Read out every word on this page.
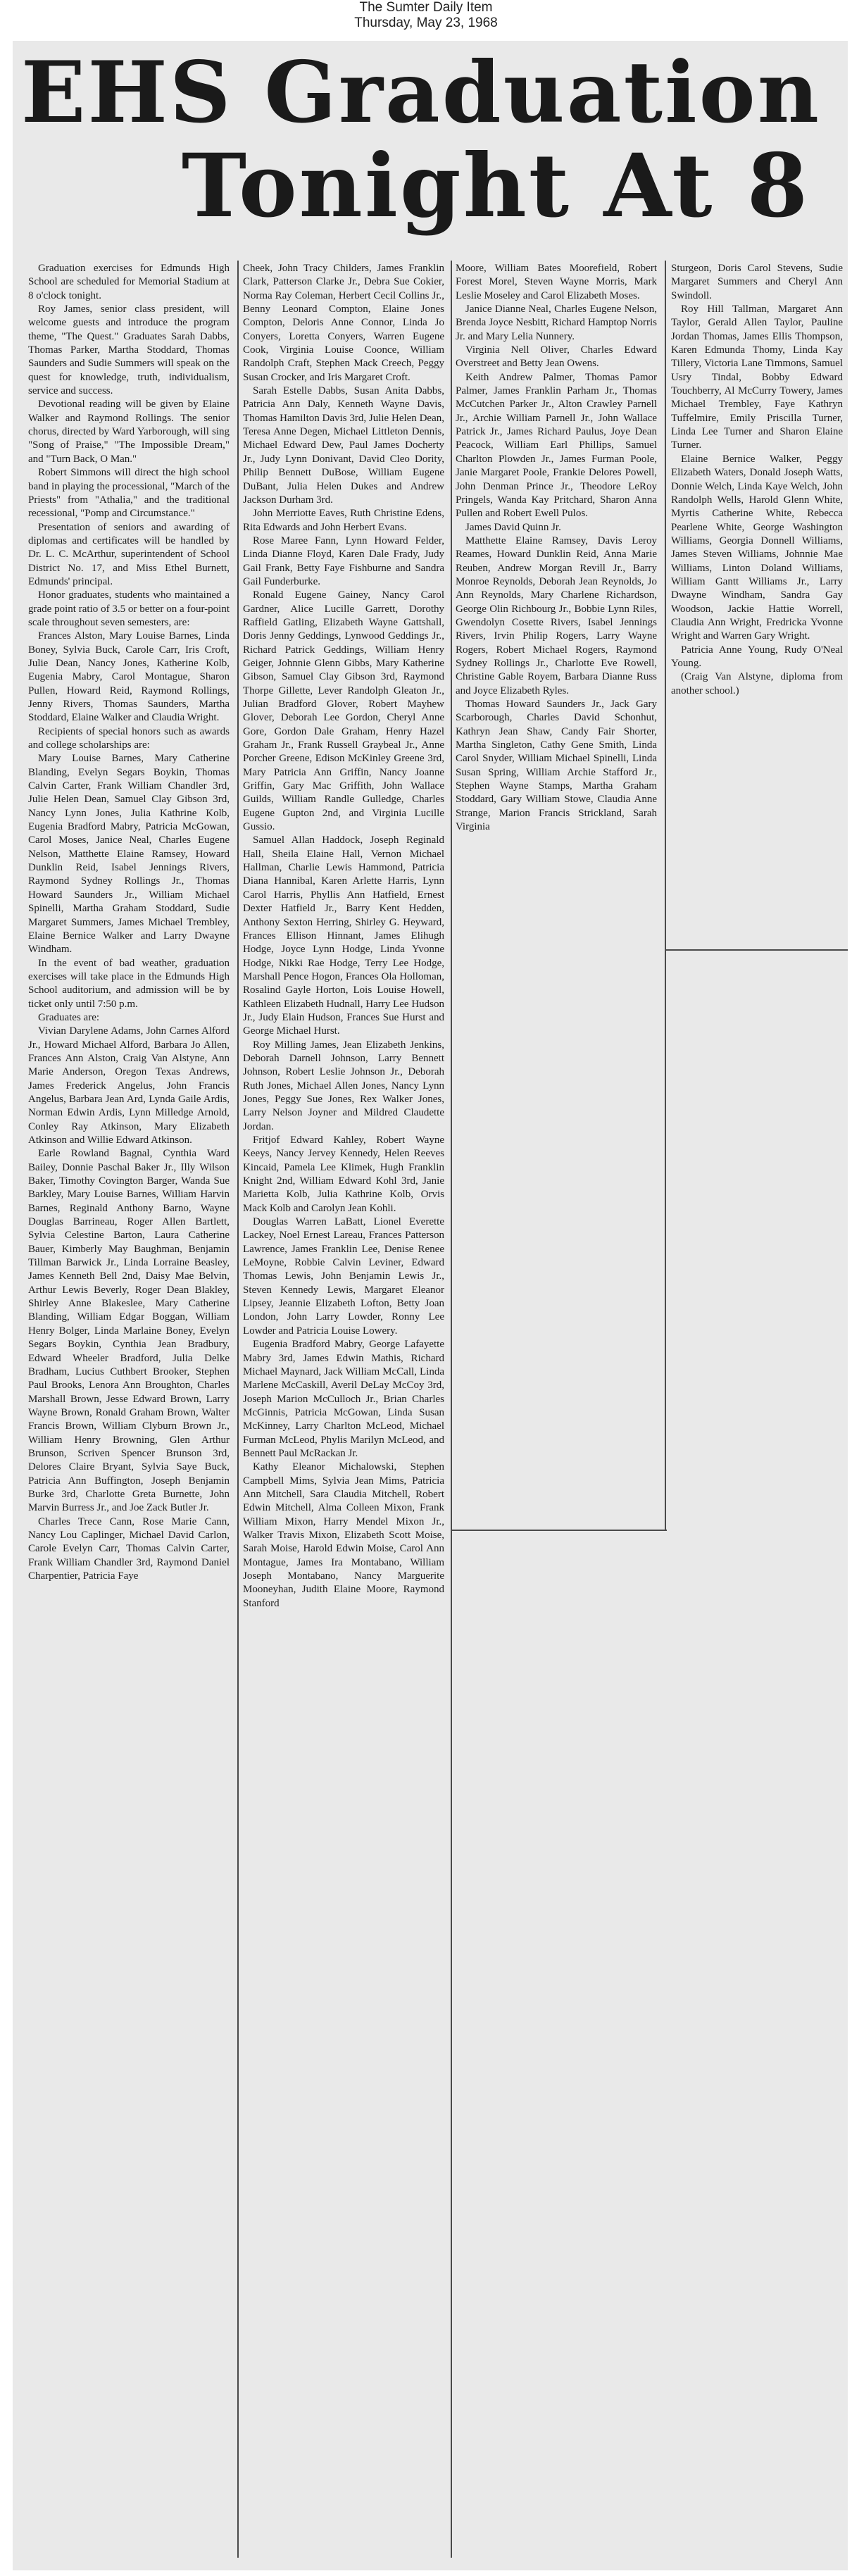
The Sumter Daily Item
Thursday, May 23, 1968
EHS Graduation
Tonight At 8

Graduation exercises for Edmunds High School are scheduled for Memorial Stadium at 8 o'clock tonight.

Roy James, senior class president, will welcome guests and introduce the program theme, "The Quest." Graduates Sarah Dabbs, Thomas Parker, Martha Stoddard, Thomas Saunders and Sudie Summers will speak on the quest for knowledge, truth, individualism, service and success.

Devotional reading will be given by Elaine Walker and Raymond Rollings. The senior chorus, directed by Ward Yarborough, will sing "Song of Praise," "The Impossible Dream," and "Turn Back, O Man."

Robert Simmons will direct the high school band in playing the processional, "March of the Priests" from "Athalia," and the traditional recessional, "Pomp and Circumstance."

Presentation of seniors and awarding of diplomas and certificates will be handled by Dr. L. C. McArthur, superintendent of School District No. 17, and Miss Ethel Burnett, Edmunds' principal.

Honor graduates, students who maintained a grade point ratio of 3.5 or better on a four-point scale throughout seven semesters, are:

Frances Alston, Mary Louise Barnes, Linda Boney, Sylvia Buck, Carole Carr, Iris Croft, Julie Dean, Nancy Jones, Katherine Kolb, Eugenia Mabry, Carol Montague, Sharon Pullen, Howard Reid, Raymond Rollings, Jenny Rivers, Thomas Saunders, Martha Stoddard, Elaine Walker and Claudia Wright.

Recipients of special honors such as awards and college scholarships are:

Mary Louise Barnes, Mary Catherine Blanding, Evelyn Segars Boykin, Thomas Calvin Carter, Frank William Chandler 3rd, Julie Helen Dean, Samuel Clay Gibson 3rd, Nancy Lynn Jones, Julia Kathrine Kolb, Eugenia Bradford Mabry, Patricia McGowan, Carol Moses, Janice Neal, Charles Eugene Nelson, Matthette Elaine Ramsey, Howard Dunklin Reid, Isabel Jennings Rivers, Raymond Sydney Rollings Jr., Thomas Howard Saunders Jr., William Michael Spinelli, Martha Graham Stoddard, Sudie Margaret Summers, James Michael Trembley, Elaine Bernice Walker and Larry Dwayne Windham.

In the event of bad weather, graduation exercises will take place in the Edmunds High School auditorium, and admission will be by ticket only until 7:50 p.m.

Graduates are:

Vivian Darylene Adams, John Carnes Alford Jr., Howard Michael Alford, Barbara Jo Allen, Frances Ann Alston, Craig Van Alstyne, Ann Marie Anderson, Oregon Texas Andrews, James Frederick Angelus, John Francis Angelus, Barbara Jean Ard, Lynda Gaile Ardis, Norman Edwin Ardis, Lynn Milledge Arnold, Conley Ray Atkinson, Mary Elizabeth Atkinson and Willie Edward Atkinson.

Earle Rowland Bagnal, Cynthia Ward Bailey, Donnie Paschal Baker Jr., Illy Wilson Baker, Timothy Covington Barger, Wanda Sue Barkley, Mary Louise Barnes, William Harvin Barnes, Reginald Anthony Barno, Wayne Douglas Barrineau, Roger Allen Bartlett, Sylvia Celestine Barton, Laura Catherine Bauer, Kimberly May Baughman, Benjamin Tillman Barwick Jr., Linda Lorraine Beasley, James Kenneth Bell 2nd, Daisy Mae Belvin, Arthur Lewis Beverly, Roger Dean Blakley, Shirley Anne Blakeslee, Mary Catherine Blanding, William Edgar Boggan, William Henry Bolger, Linda Marlaine Boney, Evelyn Segars Boykin, Cynthia Jean Bradbury, Edward Wheeler Bradford, Julia Delke Bradham, Lucius Cuthbert Brooker, Stephen Paul Brooks, Lenora Ann Broughton, Charles Marshall Brown, Jesse Edward Brown, Larry Wayne Brown, Ronald Graham Brown, Walter Francis Brown, William Clyburn Brown Jr., William Henry Browning, Glen Arthur Brunson, Scriven Spencer Brunson 3rd, Delores Claire Bryant, Sylvia Saye Buck, Patricia Ann Buffington, Joseph Benjamin Burke 3rd, Charlotte Greta Burnette, John Marvin Burress Jr., and Joe Zack Butler Jr.

Charles Trece Cann, Rose Marie Cann, Nancy Lou Caplinger, Michael David Carlon, Carole Evelyn Carr, Thomas Calvin Carter, Frank William Chandler 3rd, Raymond Daniel Charpentier, Patricia Faye

Cheek, John Tracy Childers, James Franklin Clark, Patterson Clarke Jr., Debra Sue Cokier, Norma Ray Coleman, Herbert Cecil Collins Jr., Benny Leonard Compton, Elaine Jones Compton, Deloris Anne Connor, Linda Jo Conyers, Loretta Conyers, Warren Eugene Cook, Virginia Louise Coonce, William Randolph Craft, Stephen Mack Creech, Peggy Susan Crocker, and Iris Margaret Croft.

Sarah Estelle Dabbs, Susan Anita Dabbs, Patricia Ann Daly, Kenneth Wayne Davis, Thomas Hamilton Davis 3rd, Julie Helen Dean, Teresa Anne Degen, Michael Littleton Dennis, Michael Edward Dew, Paul James Docherty Jr., Judy Lynn Donivant, David Cleo Dority, Philip Bennett DuBose, William Eugene DuBant, Julia Helen Dukes and Andrew Jackson Durham 3rd.

John Merriotte Eaves, Ruth Christine Edens, Rita Edwards and John Herbert Evans.

Rose Maree Fann, Lynn Howard Felder, Linda Dianne Floyd, Karen Dale Frady, Judy Gail Frank, Betty Faye Fishburne and Sandra Gail Funderburke.

Ronald Eugene Gainey, Nancy Carol Gardner, Alice Lucille Garrett, Dorothy Raffield Gatling, Elizabeth Wayne Gattshall, Doris Jenny Geddings, Lynwood Geddings Jr., Richard Patrick Geddings, William Henry Geiger, Johnnie Glenn Gibbs, Mary Katherine Gibson, Samuel Clay Gibson 3rd, Raymond Thorpe Gillette, Lever Randolph Gleaton Jr., Julian Bradford Glover, Robert Mayhew Glover, Deborah Lee Gordon, Cheryl Anne Gore, Gordon Dale Graham, Henry Hazel Graham Jr., Frank Russell Graybeal Jr., Anne Porcher Greene, Edison McKinley Greene 3rd, Mary Patricia Ann Griffin, Nancy Joanne Griffin, Gary Mac Griffith, John Wallace Guilds, William Randle Gulledge, Charles Eugene Gupton 2nd, and Virginia Lucille Gussio.

Samuel Allan Haddock, Joseph Reginald Hall, Sheila Elaine Hall, Vernon Michael Hallman, Charlie Lewis Hammond, Patricia Diana Hannibal, Karen Arlette Harris, Lynn Carol Harris, Phyllis Ann Hatfield, Ernest Dexter Hatfield Jr., Barry Kent Hedden, Anthony Sexton Herring, Shirley G. Heyward, Frances Ellison Hinnant, James Elihugh Hodge, Joyce Lynn Hodge, Linda Yvonne Hodge, Nikki Rae Hodge, Terry Lee Hodge, Marshall Pence Hogon, Frances Ola Holloman, Rosalind Gayle Horton, Lois Louise Howell, Kathleen Elizabeth Hudnall, Harry Lee Hudson Jr., Judy Elain Hudson, Frances Sue Hurst and George Michael Hurst.

Roy Milling James, Jean Elizabeth Jenkins, Deborah Darnell Johnson, Larry Bennett Johnson, Robert Leslie Johnson Jr., Deborah Ruth Jones, Michael Allen Jones, Nancy Lynn Jones, Peggy Sue Jones, Rex Walker Jones, Larry Nelson Joyner and Mildred Claudette Jordan.

Fritjof Edward Kahley, Robert Wayne Keeys, Nancy Jervey Kennedy, Helen Reeves Kincaid, Pamela Lee Klimek, Hugh Franklin Knight 2nd, William Edward Kohl 3rd, Janie Marietta Kolb, Julia Kathrine Kolb, Orvis Mack Kolb and Carolyn Jean Kohli.

Douglas Warren LaBatt, Lionel Everette Lackey, Noel Ernest Lareau, Frances Patterson Lawrence, James Franklin Lee, Denise Renee LeMoyne, Robbie Calvin Leviner, Edward Thomas Lewis, John Benjamin Lewis Jr., Steven Kennedy Lewis, Margaret Eleanor Lipsey, Jeannie Elizabeth Lofton, Betty Joan London, John Larry Lowder, Ronny Lee Lowder and Patricia Louise Lowery.

Eugenia Bradford Mabry, George Lafayette Mabry 3rd, James Edwin Mathis, Richard Michael Maynard, Jack William McCall, Linda Marlene McCaskill, Averil DeLay McCoy 3rd, Joseph Marion McCulloch Jr., Brian Charles McGinnis, Patricia McGowan, Linda Susan McKinney, Larry Charlton McLeod, Michael Furman McLeod, Phylis Marilyn McLeod, and Bennett Paul McRackan Jr.

Kathy Eleanor Michalowski, Stephen Campbell Mims, Sylvia Jean Mims, Patricia Ann Mitchell, Sara Claudia Mitchell, Robert Edwin Mitchell, Alma Colleen Mixon, Frank William Mixon, Harry Mendel Mixon Jr., Walker Travis Mixon, Elizabeth Scott Moise, Sarah Moise, Harold Edwin Moise, Carol Ann Montague, James Ira Montabano, William Joseph Montabano, Nancy Marguerite Mooneyhan, Judith Elaine Moore, Raymond Stanford

Moore, William Bates Moorefield, Robert Forest Morel, Steven Wayne Morris, Mark Leslie Moseley and Carol Elizabeth Moses.

Janice Dianne Neal, Charles Eugene Nelson, Brenda Joyce Nesbitt, Richard Hamptop Norris Jr. and Mary Lelia Nunnery.

Virginia Nell Oliver, Charles Edward Overstreet and Betty Jean Owens.

Keith Andrew Palmer, Thomas Pamor Palmer, James Franklin Parham Jr., Thomas McCutchen Parker Jr., Alton Crawley Parnell Jr., Archie William Parnell Jr., John Wallace Patrick Jr., James Richard Paulus, Joye Dean Peacock, William Earl Phillips, Samuel Charlton Plowden Jr., James Furman Poole, Janie Margaret Poole, Frankie Delores Powell, John Denman Prince Jr., Theodore LeRoy Pringels, Wanda Kay Pritchard, Sharon Anna Pullen and Robert Ewell Pulos.

James David Quinn Jr.

Matthette Elaine Ramsey, Davis Leroy Reames, Howard Dunklin Reid, Anna Marie Reuben, Andrew Morgan Revill Jr., Barry Monroe Reynolds, Deborah Jean Reynolds, Jo Ann Reynolds, Mary Charlene Richardson, George Olin Richbourg Jr., Bobbie Lynn Riles, Gwendolyn Cosette Rivers, Isabel Jennings Rivers, Irvin Philip Rogers, Larry Wayne Rogers, Robert Michael Rogers, Raymond Sydney Rollings Jr., Charlotte Eve Rowell, Christine Gable Royem, Barbara Dianne Russ and Joyce Elizabeth Ryles.

Thomas Howard Saunders Jr., Jack Gary Scarborough, Charles David Schonhut, Kathryn Jean Shaw, Candy Fair Shorter, Martha Singleton, Cathy Gene Smith, Linda Carol Snyder, William Michael Spinelli, Linda Susan Spring, William Archie Stafford Jr., Stephen Wayne Stamps, Martha Graham Stoddard, Gary William Stowe, Claudia Anne Strange, Marion Francis Strickland, Sarah Virginia

Sturgeon, Doris Carol Stevens, Sudie Margaret Summers and Cheryl Ann Swindoll.

Roy Hill Tallman, Margaret Ann Taylor, Gerald Allen Taylor, Pauline Jordan Thomas, James Ellis Thompson, Karen Edmunda Thomy, Linda Kay Tillery, Victoria Lane Timmons, Samuel Usry Tindal, Bobby Edward Touchberry, Al McCurry Towery, James Michael Trembley, Faye Kathryn Tuffelmire, Emily Priscilla Turner, Linda Lee Turner and Sharon Elaine Turner.

Elaine Bernice Walker, Peggy Elizabeth Waters, Donald Joseph Watts, Donnie Welch, Linda Kaye Welch, John Randolph Wells, Harold Glenn White, Myrtis Catherine White, Rebecca Pearlene White, George Washington Williams, Georgia Donnell Williams, James Steven Williams, Johnnie Mae Williams, Linton Doland Williams, William Gantt Williams Jr., Larry Dwayne Windham, Sandra Gay Woodson, Jackie Hattie Worrell, Claudia Ann Wright, Fredricka Yvonne Wright and Warren Gary Wright.

Patricia Anne Young, Rudy O'Neal Young.

(Craig Van Alstyne, diploma from another school.)
